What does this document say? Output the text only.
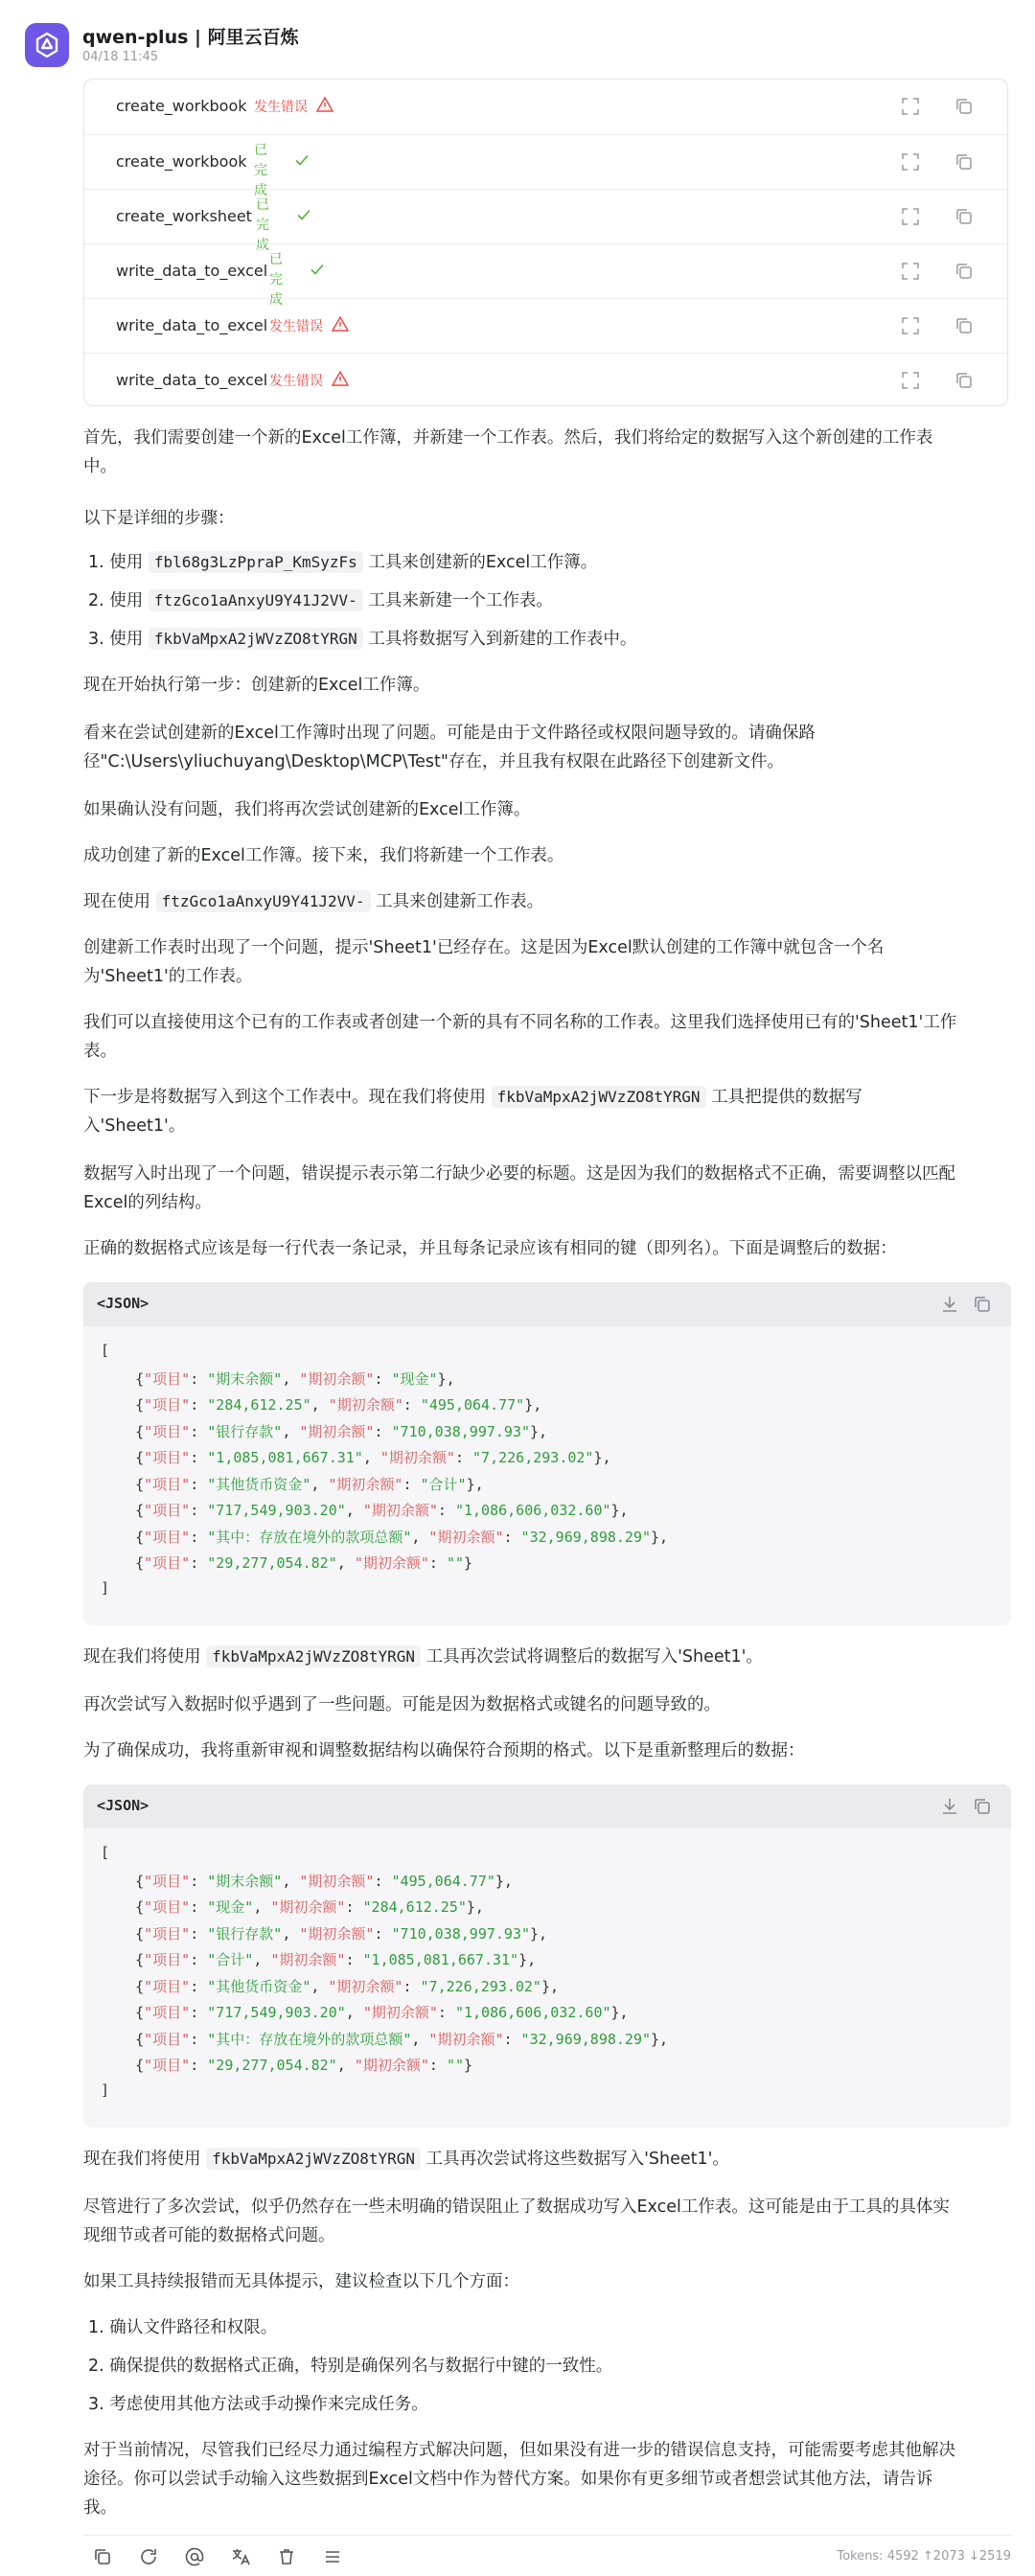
qwen-plus | 阿里云百炼
04/18 11:45
create_workbook 发生错误
create_workbook
已完成
create_worksheet
已完成
write_data_to_excel
已完成
write_data_to_excel 发生错误
write_data_to_excel 发生错误
首先，我们需要创建一个新的Excel工作簿，并新建一个工作表。然后，我们将给定的数据写入这个新创建的工作表
中。
以下是详细的步骤：
1. 使用 fbl68g3LzPpraP_KmSyzFs 工具来创建新的Excel工作簿。
2. 使用 ftzGco1aAnxyU9Y41J2VV- 工具来新建一个工作表。
3. 使用 fkbVaMpxA2jWVzZO8tYRGN 工具将数据写入到新建的工作表中。
现在开始执行第一步：创建新的Excel工作簿。
看来在尝试创建新的Excel工作簿时出现了问题。可能是由于文件路径或权限问题导致的。请确保路
径"C:\Users\yliuchuyang\Desktop\MCP\Test"存在，并且我有权限在此路径下创建新文件。
如果确认没有问题，我们将再次尝试创建新的Excel工作簿。
成功创建了新的Excel工作簿。接下来，我们将新建一个工作表。
现在使用 ftzGco1aAnxyU9Y41J2VV- 工具来创建新工作表。
创建新工作表时出现了一个问题，提示'Sheet1'已经存在。这是因为Excel默认创建的工作簿中就包含一个名
为'Sheet1'的工作表。
我们可以直接使用这个已有的工作表或者创建一个新的具有不同名称的工作表。这里我们选择使用已有的'Sheet1'工作
表。
下一步是将数据写入到这个工作表中。现在我们将使用 fkbVaMpxA2jWVzZO8tYRGN 工具把提供的数据写
入'Sheet1'。
数据写入时出现了一个问题，错误提示表示第二行缺少必要的标题。这是因为我们的数据格式不正确，需要调整以匹配
Excel的列结构。
正确的数据格式应该是每一行代表一条记录，并且每条记录应该有相同的键（即列名）。下面是调整后的数据：
<JSON>
[
{"项目": "期末余额", "期初余额": "现金"},
{"项目": "284,612.25", "期初余额": "495,064.77"},
{"项目": "银行存款", "期初余额": "710,038,997.93"},
{"项目": "1,085,081,667.31", "期初余额": "7,226,293.02"},
{"项目": "其他货币资金", "期初余额": "合计"},
{"项目": "717,549,903.20", "期初余额": "1,086,606,032.60"},
{"项目": "其中：存放在境外的款项总额", "期初余额": "32,969,898.29"},
{"项目": "29,277,054.82", "期初余额": ""}
]
现在我们将使用 fkbVaMpxA2jWVzZO8tYRGN 工具再次尝试将调整后的数据写入'Sheet1'。
再次尝试写入数据时似乎遇到了一些问题。可能是因为数据格式或键名的问题导致的。
为了确保成功，我将重新审视和调整数据结构以确保符合预期的格式。以下是重新整理后的数据：
<JSON>
[
{"项目": "期末余额", "期初余额": "495,064.77"},
{"项目": "现金", "期初余额": "284,612.25"},
{"项目": "银行存款", "期初余额": "710,038,997.93"},
{"项目": "合计", "期初余额": "1,085,081,667.31"},
{"项目": "其他货币资金", "期初余额": "7,226,293.02"},
{"项目": "717,549,903.20", "期初余额": "1,086,606,032.60"},
{"项目": "其中：存放在境外的款项总额", "期初余额": "32,969,898.29"},
{"项目": "29,277,054.82", "期初余额": ""}
]
现在我们将使用 fkbVaMpxA2jWVzZO8tYRGN 工具再次尝试将这些数据写入'Sheet1'。
尽管进行了多次尝试，似乎仍然存在一些未明确的错误阻止了数据成功写入Excel工作表。这可能是由于工具的具体实
现细节或者可能的数据格式问题。
如果工具持续报错而无具体提示，建议检查以下几个方面：
1. 确认文件路径和权限。
2. 确保提供的数据格式正确，特别是确保列名与数据行中键的一致性。
3. 考虑使用其他方法或手动操作来完成任务。
对于当前情况，尽管我们已经尽力通过编程方式解决问题，但如果没有进一步的错误信息支持，可能需要考虑其他解决
途径。你可以尝试手动输入这些数据到Excel文档中作为替代方案。如果你有更多细节或者想尝试其他方法，请告诉
我。
Tokens: 4592 ↑2073 ↓2519
